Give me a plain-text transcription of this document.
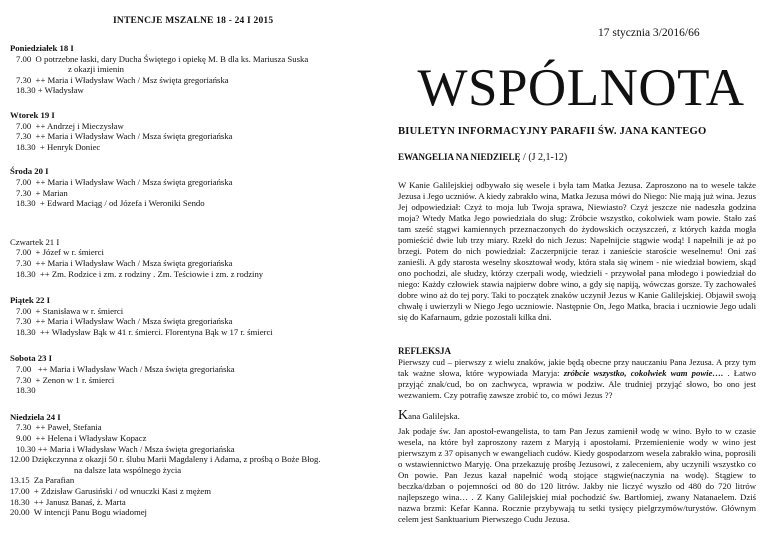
INTENCJE MSZALNE 18 - 24 I 2015
17 stycznia 3/2016/66
Poniedziałek 18 I
7.00  O potrzebne łaski, dary Ducha Świętego i opiekę M. B dla ks. Mariusza Suska
z okazji imienin
7.30  ++ Maria i Władysław Wach / Msz święta gregoriańska
18.30 + Władysław
Wtorek 19 I
7.00  ++ Andrzej i Mieczysław
7.30  ++ Maria i Władysław Wach / Msza święta gregoriańska
18.30  + Henryk Doniec
Środa 20 I
7.00  ++ Maria i Władysław Wach / Msza święta gregoriańska
7.30  + Marian
18.30  + Edward Maciąg / od Józefa i Weroniki Sendo
Czwartek 21 I
7.00  + Józef w r. śmierci
7.30  ++ Maria i Władysław Wach / Msza święta gregoriańska
18.30  ++ Zm. Rodzice i zm. z rodziny . Zm. Teściowie i zm. z rodziny
Piątek 22 I
7.00  + Stanisława w r. śmierci
7.30  ++ Maria i Władysław Wach / Msza święta gregoriańska
18.30  ++ Władysław Bąk w 41 r. śmierci. Florentyna Bąk w 17 r. śmierci
Sobota 23 I
7.00   ++ Maria i Władysław Wach / Msza święta gregoriańska
7.30  + Zenon w 1 r. śmierci
18.30
Niedziela 24 I
7.30  ++ Paweł, Stefania
9.00  ++ Helena i Władysław Kopacz
10.30 ++ Maria i Władysław Wach / Msza święta gregoriańska
12.00 Dziękczynna z okazji 50 r. ślubu Marii Magdaleny i Adama, z prośbą o Boże Błog.
na dalsze lata wspólnego życia
13.15  Za Parafian
17.00  + Zdzisław Garusiński / od wnuczki Kasi z mężem
18.30  ++ Janusz Banaś, ż. Marta
20.00  W intencji Panu Bogu wiadomej
WSPÓLNOTA
BIULETYN INFORMACYJNY PARAFII ŚW. JANA KANTEGO
EWANGELIA NA NIEDZIELĘ / (J 2,1-12)
W Kanie Galilejskiej odbywało się wesele i była tam Matka Jezusa. Zaproszono na to wesele także Jezusa i Jego uczniów. A kiedy zabrakło wina, Matka Jezusa mówi do Niego: Nie mają już wina. Jezus Jej odpowiedział: Czyż to moja lub Twoja sprawa, Niewiasto? Czyż jeszcze nie nadeszła godzina moja? Wtedy Matka Jego powiedziała do sług: Zróbcie wszystko, cokolwiek wam powie. Stało zaś tam sześć stągwi kamiennych przeznaczonych do żydowskich oczyszczeń, z których każda mogła pomieścić dwie lub trzy miary. Rzekł do nich Jezus: Napełnijcie stągwie wodą! I napełnili je aż po brzegi. Potem do nich powiedział: Zaczerpnijcie teraz i zanieście staroście weselnemu! Oni zaś zanieśli. A gdy starosta weselny skosztował wody, która stała się winem - nie wiedział bowiem, skąd ono pochodzi, ale słudzy, którzy czerpali wodę, wiedzieli - przywołał pana młodego i powiedział do niego: Każdy człowiek stawia najpierw dobre wino, a gdy się napiją, wówczas gorsze. Ty zachowałeś dobre wino aż do tej pory. Taki to początek znaków uczynił Jezus w Kanie Galilejskiej. Objawił swoją chwałę i uwierzyli w Niego Jego uczniowie. Następnie On, Jego Matka, bracia i uczniowie Jego udali się do Kafarnaum, gdzie pozostali kilka dni.
REFLEKSJA
Pierwszy cud – pierwszy z wielu znaków, jakie będą obecne przy nauczaniu Pana Jezusa. A przy tym tak ważne słowa, które wypowiada Maryja: zróbcie wszystko, cokolwiek wam powie…. . Łatwo przyjąć znak/cud, bo on zachwyca, wprawia w podziw. Ale trudniej przyjąć słowo, bo ono jest wezwaniem. Czy potrafię zawsze zrobić to, co mówi Jezus ??
Kana Galilejska.
Jak podaje św. Jan apostoł-ewangelista, to tam Pan Jezus zamienił wodę w wino. Było to w czasie wesela, na które był zaproszony razem z Maryją i apostołami. Przemienienie wody w wino jest pierwszym z 37 opisanych w ewangeliach cudów. Kiedy gospodarzom wesela zabrakło wina, poprosili o wstawiennictwo Maryję. Ona przekazuję prośbę Jezusowi, z zaleceniem, aby uczynili wszystko co On powie. Pan Jezus kazał napełnić wodą stojące stągwie(naczynia na wodę). Stągiew to beczka/dzban o pojemności od 80 do 120 litrów. Jakby nie liczyć wyszło od 480 do 720 litrów najlepszego wina… . Z Kany Galilejskiej miał pochodzić św. Bartłomiej, zwany Natanaelem. Dziś nazwa brzmi: Kefar Kanna. Rocznie przybywają tu setki tysięcy pielgrzymów/turystów. Głównym celem jest Sanktuarium Pierwszego Cudu Jezusa.
